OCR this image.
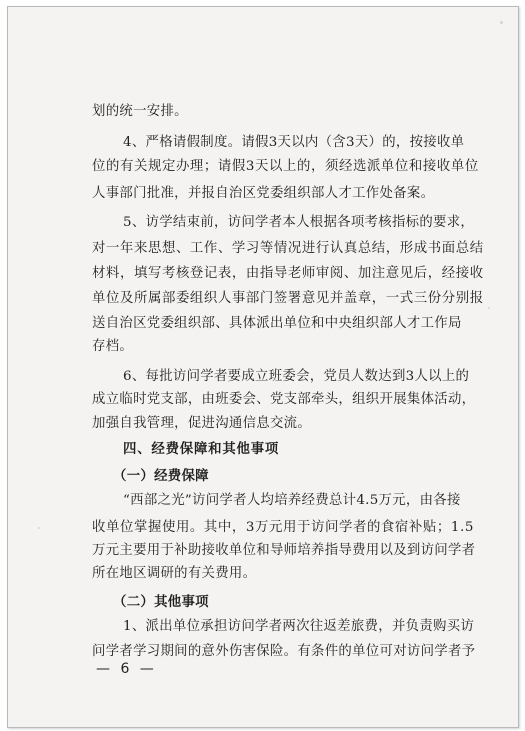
划的统一安排。
4、严格请假制度。请假3天以内（含3天）的，按接收单
位的有关规定办理；请假3天以上的，须经选派单位和接收单位
人事部门批准，并报自治区党委组织部人才工作处备案。
5、访学结束前，访问学者本人根据各项考核指标的要求，
对一年来思想、工作、学习等情况进行认真总结，形成书面总结
材料，填写考核登记表，由指导老师审阅、加注意见后，经接收
单位及所属部委组织人事部门签署意见并盖章，一式三份分别报
送自治区党委组织部、具体派出单位和中央组织部人才工作局
存档。
6、每批访问学者要成立班委会，党员人数达到3人以上的
成立临时党支部，由班委会、党支部牵头，组织开展集体活动，
加强自我管理，促进沟通信息交流。
四、经费保障和其他事项
（一）经费保障
“西部之光”访问学者人均培养经费总计4.5万元，由各接
收单位掌握使用。其中，3万元用于访问学者的食宿补贴；1.5
万元主要用于补助接收单位和导师培养指导费用以及到访问学者
所在地区调研的有关费用。
（二）其他事项
1、派出单位承担访问学者两次往返差旅费，并负责购买访
问学者学习期间的意外伤害保险。有条件的单位可对访问学者予
— 6 —
